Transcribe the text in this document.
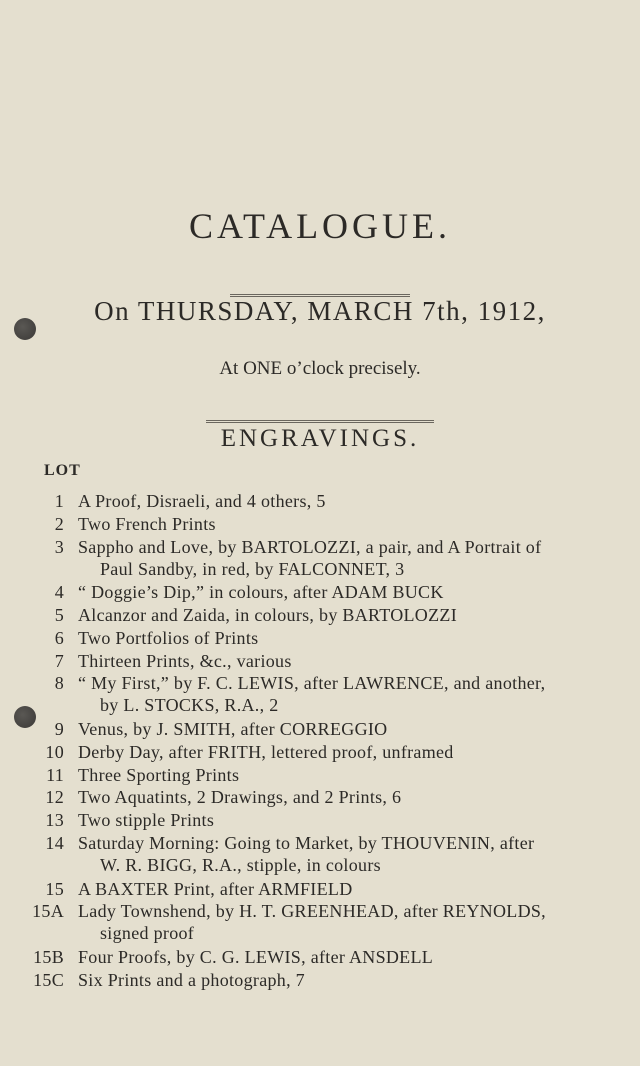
CATALOGUE.
On THURSDAY, MARCH 7th, 1912,
At ONE o’clock precisely.
ENGRAVINGS.
LOT
1 A Proof, Disraeli, and 4 others, 5
2 Two French Prints
3 Sappho and Love, by BARTOLOZZI, a pair, and A Portrait of
Paul Sandby, in red, by FALCONNET, 3
4 “ Doggie’s Dip,” in colours, after ADAM BUCK
5 Alcanzor and Zaida, in colours, by BARTOLOZZI
6 Two Portfolios of Prints
7 Thirteen Prints, &c., various
8 “ My First,” by F. C. LEWIS, after LAWRENCE, and another,
by L. STOCKS, R.A., 2
9 Venus, by J. SMITH, after CORREGGIO
10 Derby Day, after FRITH, lettered proof, unframed
11 Three Sporting Prints
12 Two Aquatints, 2 Drawings, and 2 Prints, 6
13 Two stipple Prints
14 Saturday Morning: Going to Market, by THOUVENIN, after
W. R. BIGG, R.A., stipple, in colours
15 A BAXTER Print, after ARMFIELD
15A Lady Townshend, by H. T. GREENHEAD, after REYNOLDS,
signed proof
15B Four Proofs, by C. G. LEWIS, after ANSDELL
15C Six Prints and a photograph, 7
